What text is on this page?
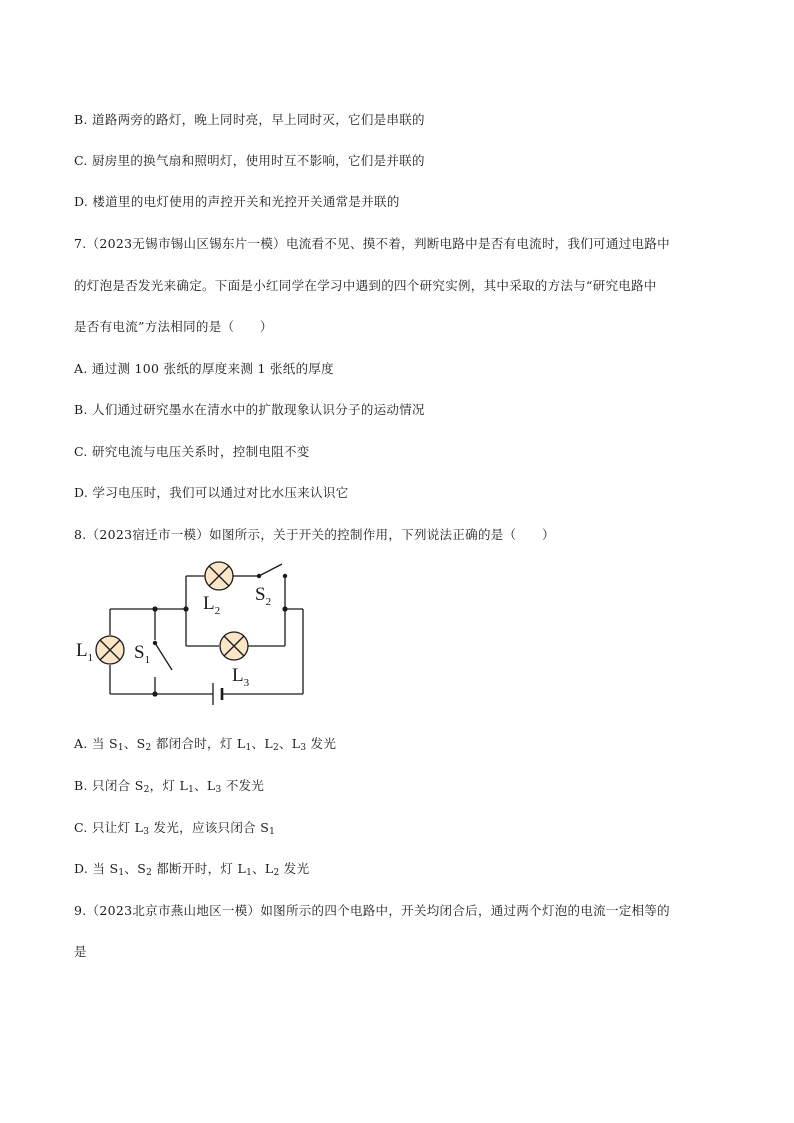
B. 道路两旁的路灯，晚上同时亮，早上同时灭，它们是串联的
C. 厨房里的换气扇和照明灯，使用时互不影响，它们是并联的
D. 楼道里的电灯使用的声控开关和光控开关通常是并联的
7.（2023无锡市锡山区锡东片一模）电流看不见、摸不着，判断电路中是否有电流时，我们可通过电路中
的灯泡是否发光来确定。下面是小红同学在学习中遇到的四个研究实例，其中采取的方法与“研究电路中
是否有电流”方法相同的是（　　）
A. 通过测 100 张纸的厚度来测 1 张纸的厚度
B. 人们通过研究墨水在清水中的扩散现象认识分子的运动情况
C. 研究电流与电压关系时，控制电阻不变
D. 学习电压时，我们可以通过对比水压来认识它
8.（2023宿迁市一模）如图所示，关于开关的控制作用，下列说法正确的是（　　）
$L_1$
$L_2$
$L_3$
$S_1$
$S_2$
A. 当 $S_1$、$S_2$ 都闭合时，灯 $L_1$、$L_2$、$L_3$ 发光
B. 只闭合 $S_2$，灯 $L_1$、$L_3$ 不发光
C. 只让灯 $L_3$ 发光，应该只闭合 $S_1$
D. 当 $S_1$、$S_2$ 都断开时，灯 $L_1$、$L_2$ 发光
9.（2023北京市燕山地区一模）如图所示的四个电路中，开关均闭合后，通过两个灯泡的电流一定相等的
是
